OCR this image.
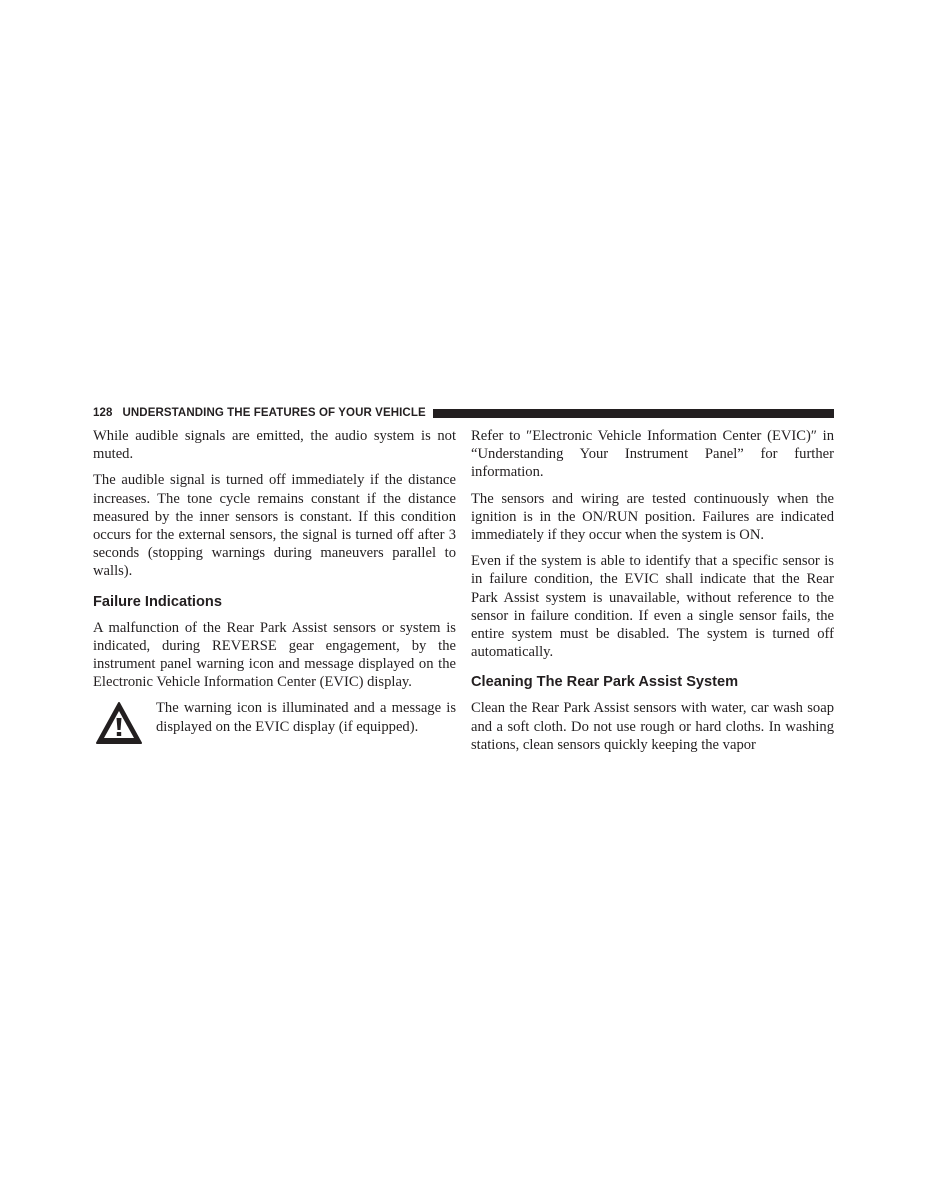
128 UNDERSTANDING THE FEATURES OF YOUR VEHICLE

While audible signals are emitted, the audio system is not muted.

The audible signal is turned off immediately if the distance increases. The tone cycle remains constant if the distance measured by the inner sensors is constant. If this condition occurs for the external sensors, the signal is turned off after 3 seconds (stopping warnings during maneuvers parallel to walls).

Failure Indications

A malfunction of the Rear Park Assist sensors or system is indicated, during REVERSE gear engagement, by the instrument panel warning icon and message displayed on the Electronic Vehicle Information Center (EVIC) display.

The warning icon is illuminated and a message is displayed on the EVIC display (if equipped).

Refer to ″Electronic Vehicle Information Center (EVIC)″ in “Understanding Your Instrument Panel” for further information.

The sensors and wiring are tested continuously when the ignition is in the ON/RUN position. Failures are indicated immediately if they occur when the system is ON.

Even if the system is able to identify that a specific sensor is in failure condition, the EVIC shall indicate that the Rear Park Assist system is unavailable, without reference to the sensor in failure condition. If even a single sensor fails, the entire system must be disabled. The system is turned off automatically.

Cleaning The Rear Park Assist System

Clean the Rear Park Assist sensors with water, car wash soap and a soft cloth. Do not use rough or hard cloths. In washing stations, clean sensors quickly keeping the vapor
